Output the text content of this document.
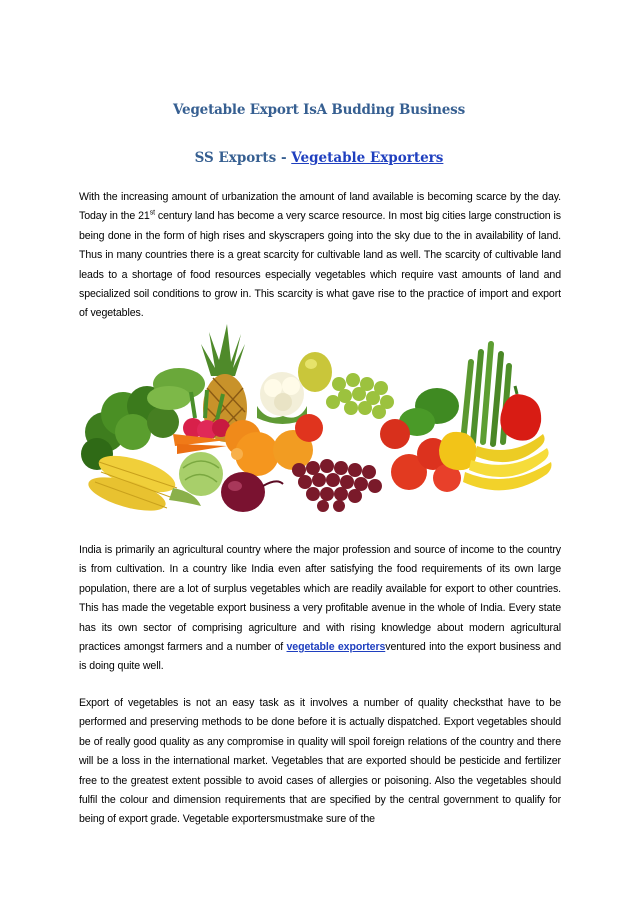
Vegetable Export IsA Budding Business
SS Exports - Vegetable Exporters

With the increasing amount of urbanization the amount of land available is becoming scarce by the day. Today in the 21st century land has become a very scarce resource. In most big cities large construction is being done in the form of high rises and skyscrapers going into the sky due to the in availability of land. Thus in many countries there is a great scarcity for cultivable land as well. The scarcity of cultivable land leads to a shortage of food resources especially vegetables which require vast amounts of land and specialized soil conditions to grow in. This scarcity is what gave rise to the practice of import and export of vegetables.

India is primarily an agricultural country where the major profession and source of income to the country is from cultivation. In a country like India even after satisfying the food requirements of its own large population, there are a lot of surplus vegetables which are readily available for export to other countries. This has made the vegetable export business a very profitable avenue in the whole of India. Every state has its own sector of comprising agriculture and with rising knowledge about modern agricultural practices amongst farmers and a number of vegetable exportersventured into the export business and is doing quite well.

Export of vegetables is not an easy task as it involves a number of quality checksthat have to be performed and preserving methods to be done before it is actually dispatched. Export vegetables should be of really good quality as any compromise in quality will spoil foreign relations of the country and there will be a loss in the international market. Vegetables that are exported should be pesticide and fertilizer free to the greatest extent possible to avoid cases of allergies or poisoning. Also the vegetables should fulfil the colour and dimension requirements that are specified by the central government to qualify for being of export grade. Vegetable exportersmustmake sure of the
